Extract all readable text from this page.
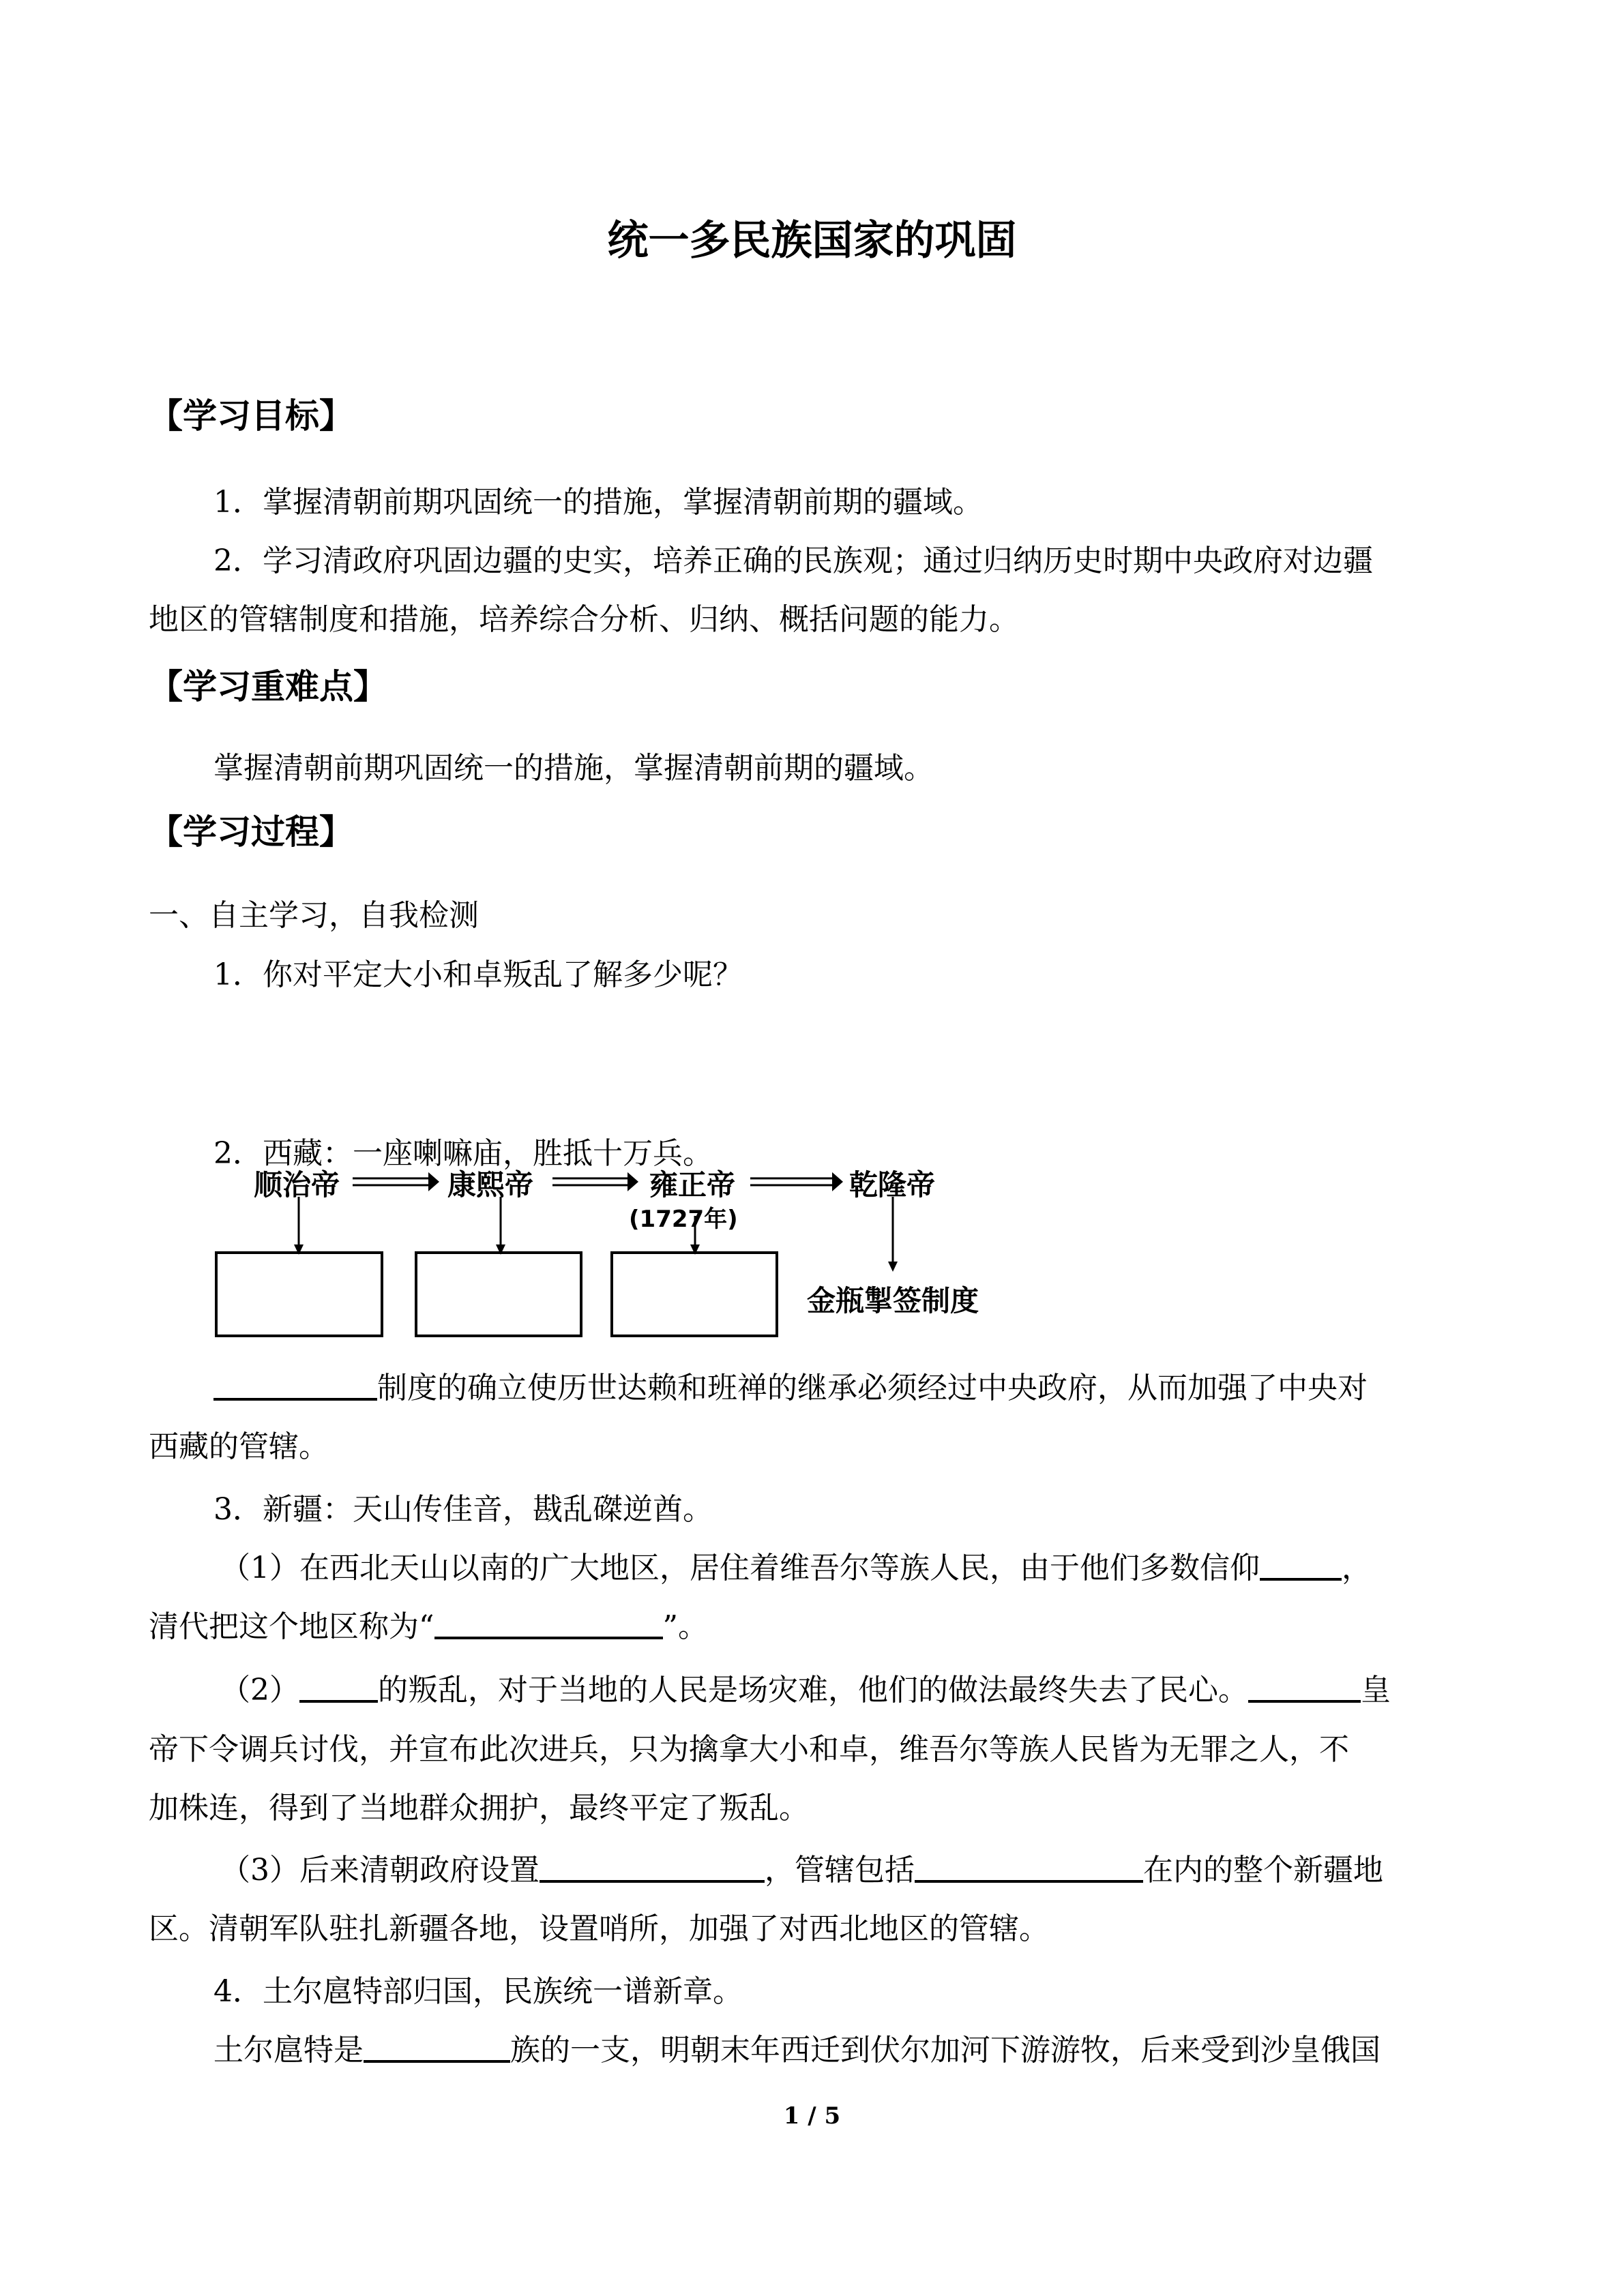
统一多民族国家的巩固
【学习目标】
1．掌握清朝前期巩固统一的措施，掌握清朝前期的疆域。
2．学习清政府巩固边疆的史实，培养正确的民族观；通过归纳历史时期中央政府对边疆
地区的管辖制度和措施，培养综合分析、归纳、概括问题的能力。
【学习重难点】
掌握清朝前期巩固统一的措施，掌握清朝前期的疆域。
【学习过程】
一、自主学习，自我检测
1．你对平定大小和卓叛乱了解多少呢？
2．西藏：一座喇嘛庙，胜抵十万兵。
顺治帝	康熙帝	雍正帝
(1727年)
乾隆帝
金瓶掣签制度
制度的确立使历世达赖和班禅的继承必须经过中央政府，从而加强了中央对
西藏的管辖。
3．新疆：天山传佳音，戡乱磔逆酋。
（1）在西北天山以南的广大地区，居住着维吾尔等族人民，由于他们多数信仰	，
清代把这个地区称为“	”。
（2）	的叛乱，对于当地的人民是场灾难，他们的做法最终失去了民心。	皇
帝下令调兵讨伐，并宣布此次进兵，只为擒拿大小和卓，维吾尔等族人民皆为无罪之人，不
加株连，得到了当地群众拥护，最终平定了叛乱。
（3）后来清朝政府设置	，管辖包括	在内的整个新疆地
区。清朝军队驻扎新疆各地，设置哨所，加强了对西北地区的管辖。
4．土尔扈特部归国，民族统一谱新章。
土尔扈特是	族的一支，明朝末年西迁到伏尔加河下游游牧，后来受到沙皇俄国
1 / 5
